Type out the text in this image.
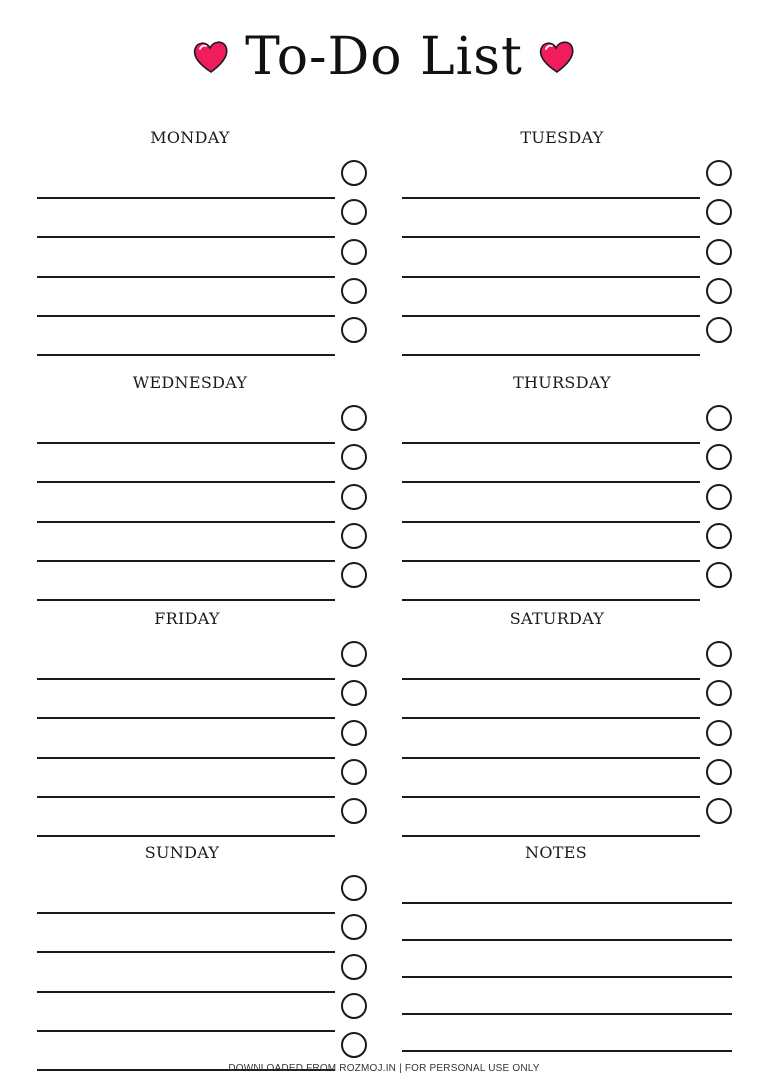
To-Do List
MONDAY	TUESDAY
WEDNESDAY	THURSDAY
FRIDAY	SATURDAY
SUNDAY	NOTES
DOWNLOADED FROM ROZMOJ.IN | FOR PERSONAL USE ONLY
